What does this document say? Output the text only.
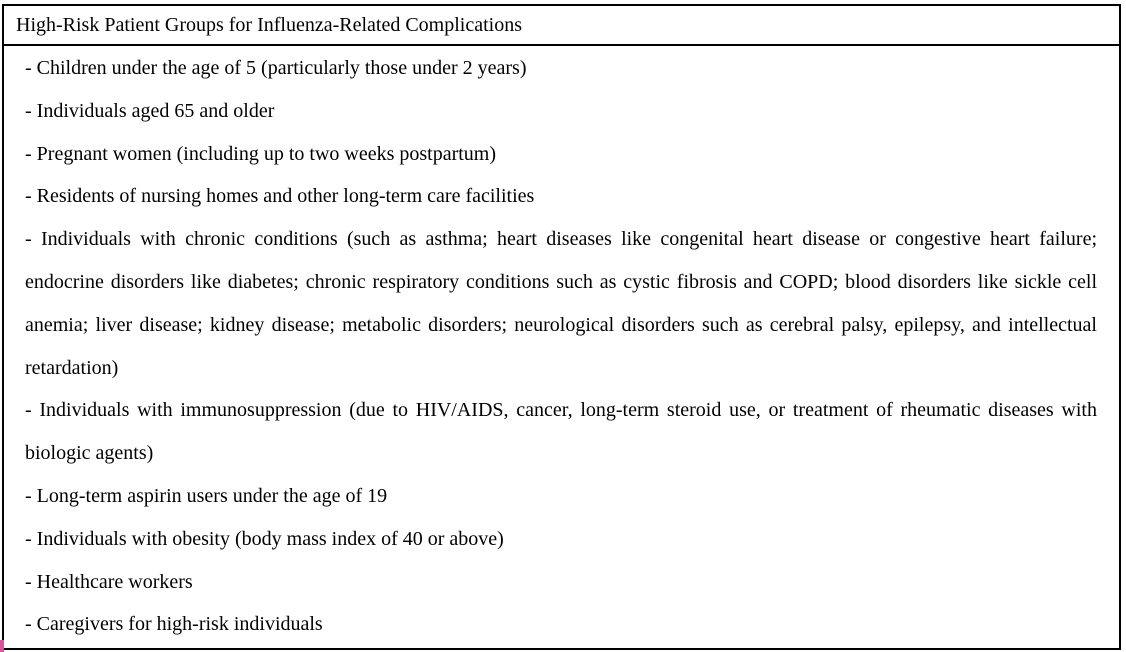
High-Risk Patient Groups for Influenza-Related Complications

- Children under the age of 5 (particularly those under 2 years)

- Individuals aged 65 and older

- Pregnant women (including up to two weeks postpartum)

- Residents of nursing homes and other long-term care facilities

- Individuals with chronic conditions (such as asthma; heart diseases like congenital heart disease or congestive heart failure; endocrine disorders like diabetes; chronic respiratory conditions such as cystic fibrosis and COPD; blood disorders like sickle cell anemia; liver disease; kidney disease; metabolic disorders; neurological disorders such as cerebral palsy, epilepsy, and intellectual retardation)

- Individuals with immunosuppression (due to HIV/AIDS, cancer, long-term steroid use, or treatment of rheumatic diseases with biologic agents)

- Long-term aspirin users under the age of 19

- Individuals with obesity (body mass index of 40 or above)

- Healthcare workers

- Caregivers for high-risk individuals
